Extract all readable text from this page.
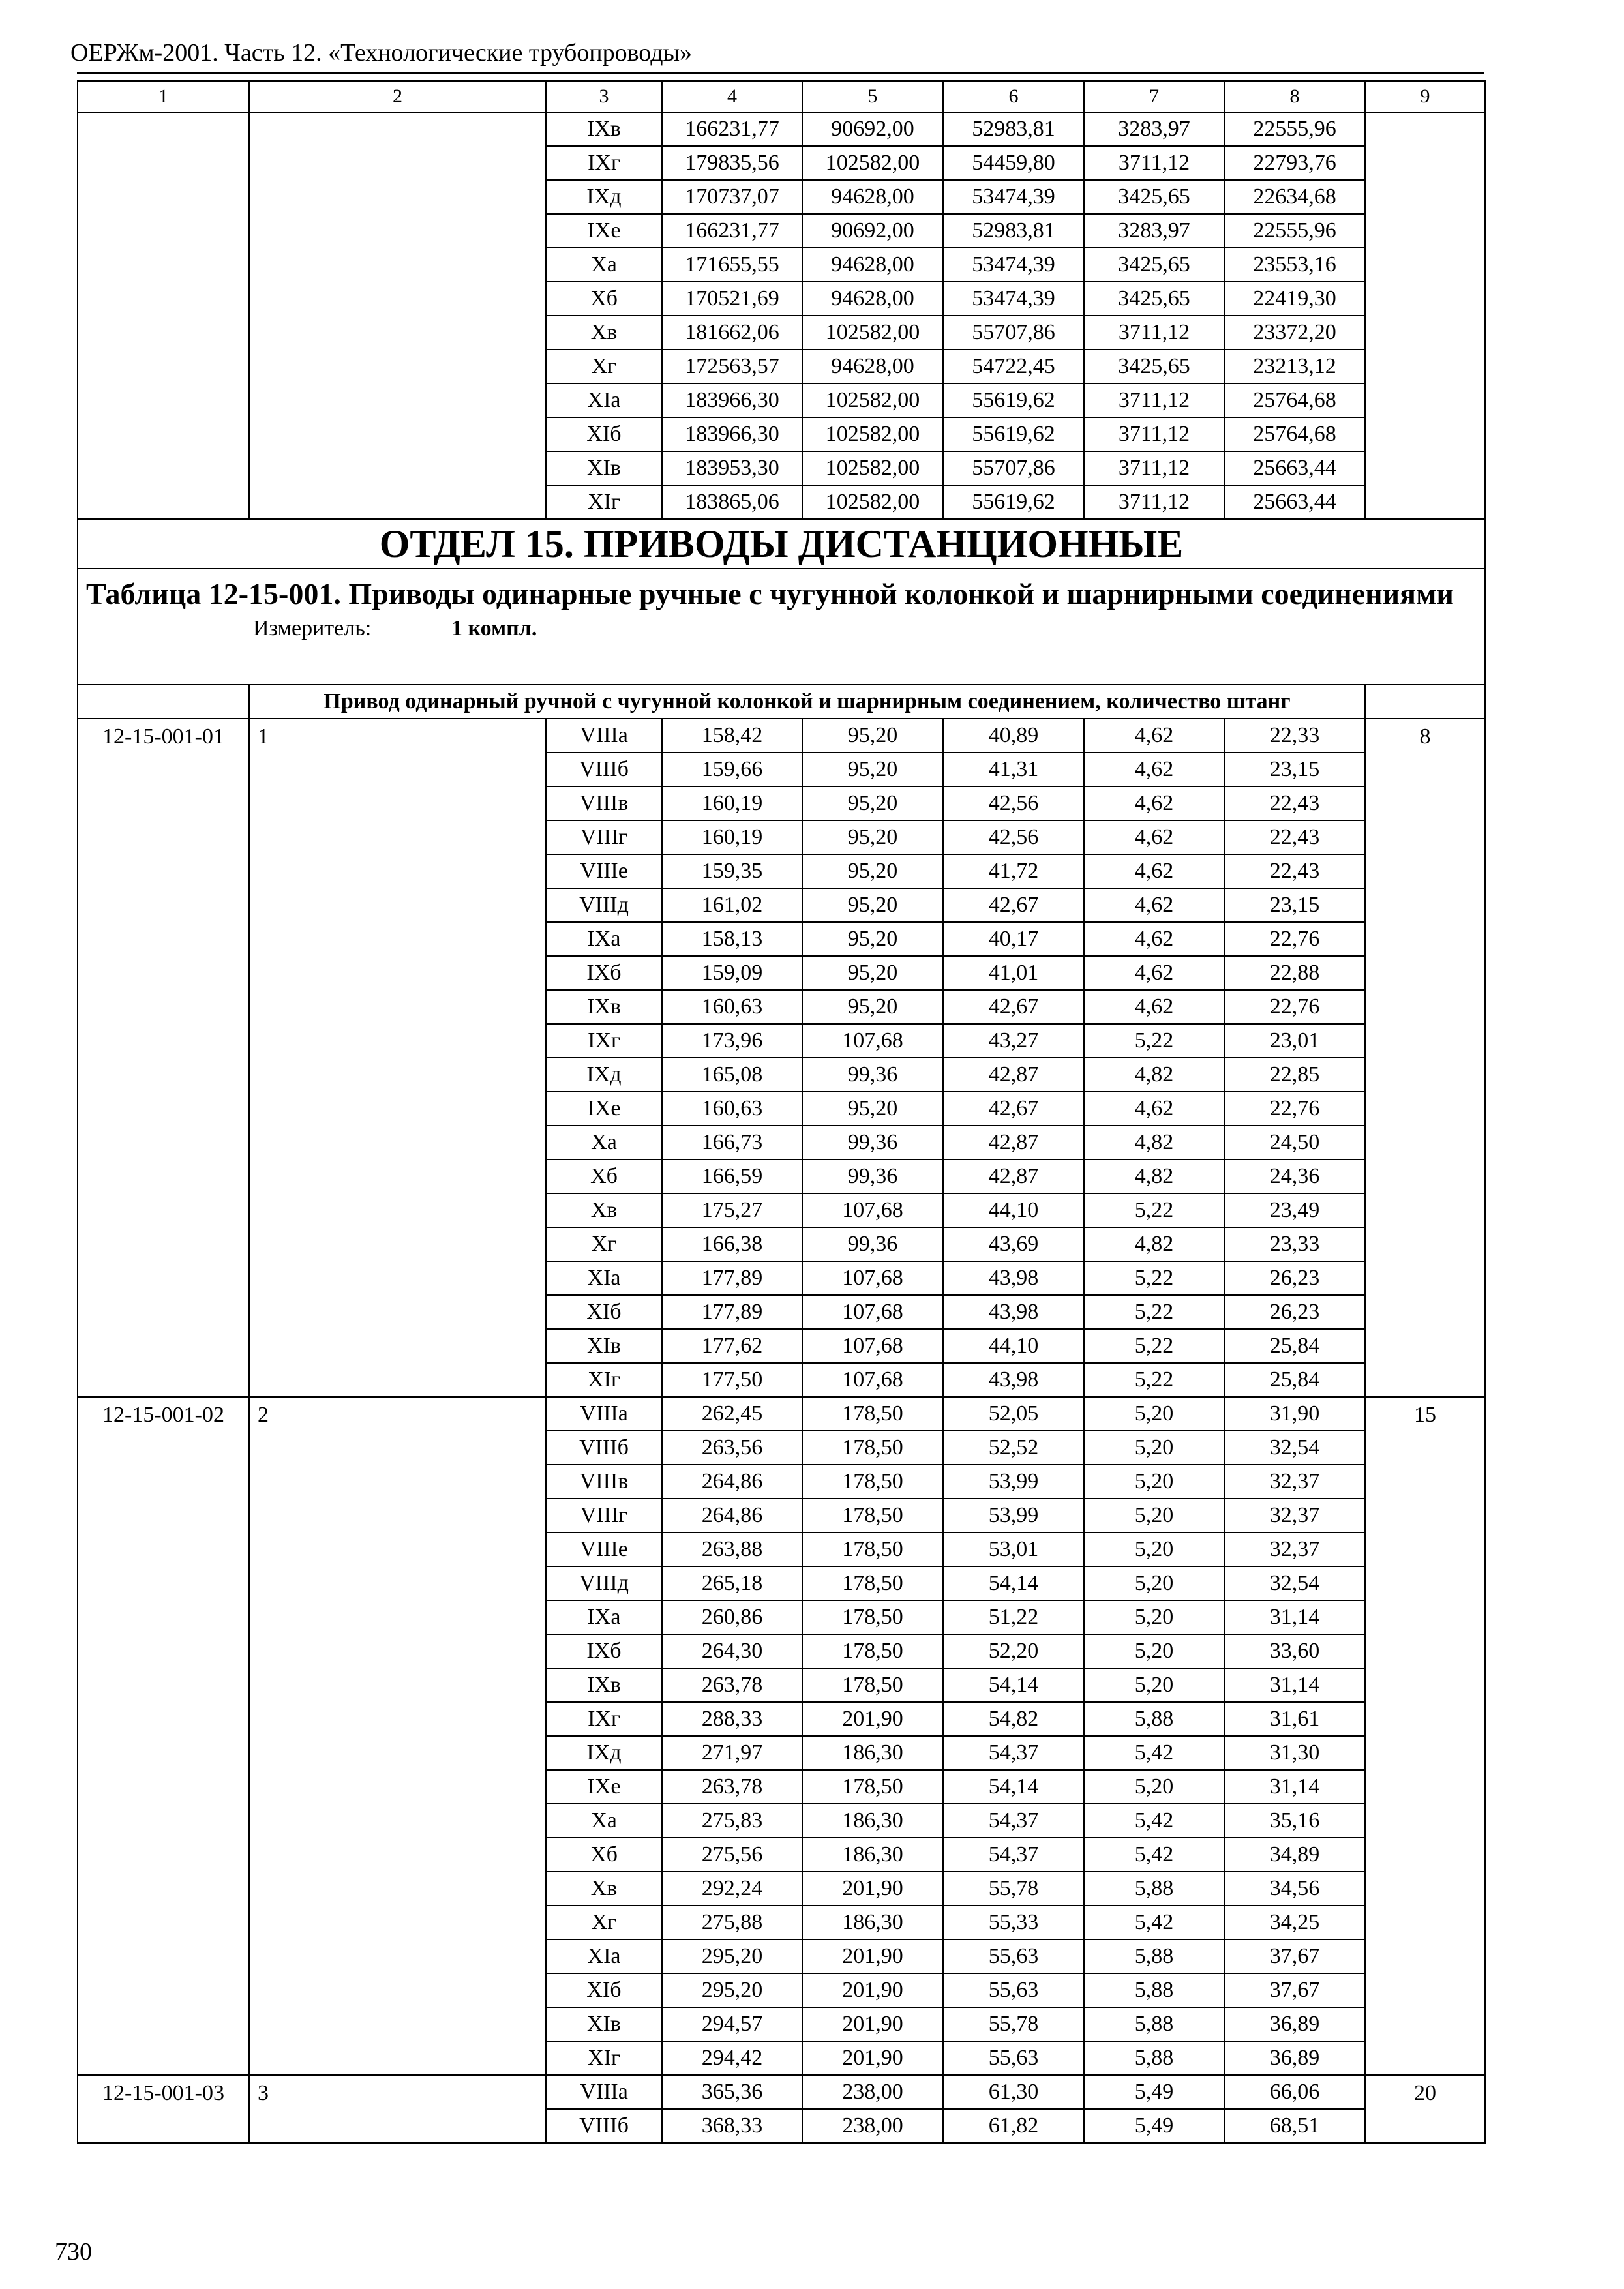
ОЕРЖм-2001. Часть 12. «Технологические трубопроводы»
1	2	3	4	5	6	7	8	9
		IXв	166231,77	90692,00	52983,81	3283,97	22555,96	
		IXг	179835,56	102582,00	54459,80	3711,12	22793,76	
		IXд	170737,07	94628,00	53474,39	3425,65	22634,68	
		IXе	166231,77	90692,00	52983,81	3283,97	22555,96	
		Xа	171655,55	94628,00	53474,39	3425,65	23553,16	
		Xб	170521,69	94628,00	53474,39	3425,65	22419,30	
		Xв	181662,06	102582,00	55707,86	3711,12	23372,20	
		Xг	172563,57	94628,00	54722,45	3425,65	23213,12	
		XIа	183966,30	102582,00	55619,62	3711,12	25764,68	
		XIб	183966,30	102582,00	55619,62	3711,12	25764,68	
		XIв	183953,30	102582,00	55707,86	3711,12	25663,44	
		XIг	183865,06	102582,00	55619,62	3711,12	25663,44	
ОТДЕЛ 15. ПРИВОДЫ ДИСТАНЦИОННЫЕ								

Таблица 12-15-001. Приводы одинарные ручные с чугунной колонкой и шарнирными соединениями
Измеритель: 1 компл.								

	Привод одинарный ручной с чугунной колонкой и шарнирным соединением, количество штанг							
12-15-001-01	1	VIIIа	158,42	95,20	40,89	4,62	22,33	8
		VIIIб	159,66	95,20	41,31	4,62	23,15	
		VIIIв	160,19	95,20	42,56	4,62	22,43	
		VIIIг	160,19	95,20	42,56	4,62	22,43	
		VIIIе	159,35	95,20	41,72	4,62	22,43	
		VIIIд	161,02	95,20	42,67	4,62	23,15	
		IXа	158,13	95,20	40,17	4,62	22,76	
		IXб	159,09	95,20	41,01	4,62	22,88	
		IXв	160,63	95,20	42,67	4,62	22,76	
		IXг	173,96	107,68	43,27	5,22	23,01	
		IXд	165,08	99,36	42,87	4,82	22,85	
		IXе	160,63	95,20	42,67	4,62	22,76	
		Xа	166,73	99,36	42,87	4,82	24,50	
		Xб	166,59	99,36	42,87	4,82	24,36	
		Xв	175,27	107,68	44,10	5,22	23,49	
		Xг	166,38	99,36	43,69	4,82	23,33	
		XIа	177,89	107,68	43,98	5,22	26,23	
		XIб	177,89	107,68	43,98	5,22	26,23	
		XIв	177,62	107,68	44,10	5,22	25,84	
		XIг	177,50	107,68	43,98	5,22	25,84	
12-15-001-02	2	VIIIа	262,45	178,50	52,05	5,20	31,90	15
		VIIIб	263,56	178,50	52,52	5,20	32,54	
		VIIIв	264,86	178,50	53,99	5,20	32,37	
		VIIIг	264,86	178,50	53,99	5,20	32,37	
		VIIIе	263,88	178,50	53,01	5,20	32,37	
		VIIIд	265,18	178,50	54,14	5,20	32,54	
		IXа	260,86	178,50	51,22	5,20	31,14	
		IXб	264,30	178,50	52,20	5,20	33,60	
		IXв	263,78	178,50	54,14	5,20	31,14	
		IXг	288,33	201,90	54,82	5,88	31,61	
		IXд	271,97	186,30	54,37	5,42	31,30	
		IXе	263,78	178,50	54,14	5,20	31,14	
		Xа	275,83	186,30	54,37	5,42	35,16	
		Xб	275,56	186,30	54,37	5,42	34,89	
		Xв	292,24	201,90	55,78	5,88	34,56	
		Xг	275,88	186,30	55,33	5,42	34,25	
		XIа	295,20	201,90	55,63	5,88	37,67	
		XIб	295,20	201,90	55,63	5,88	37,67	
		XIв	294,57	201,90	55,78	5,88	36,89	
		XIг	294,42	201,90	55,63	5,88	36,89	
12-15-001-03	3	VIIIа	365,36	238,00	61,30	5,49	66,06	20
		VIIIб	368,33	238,00	61,82	5,49	68,51	
730
